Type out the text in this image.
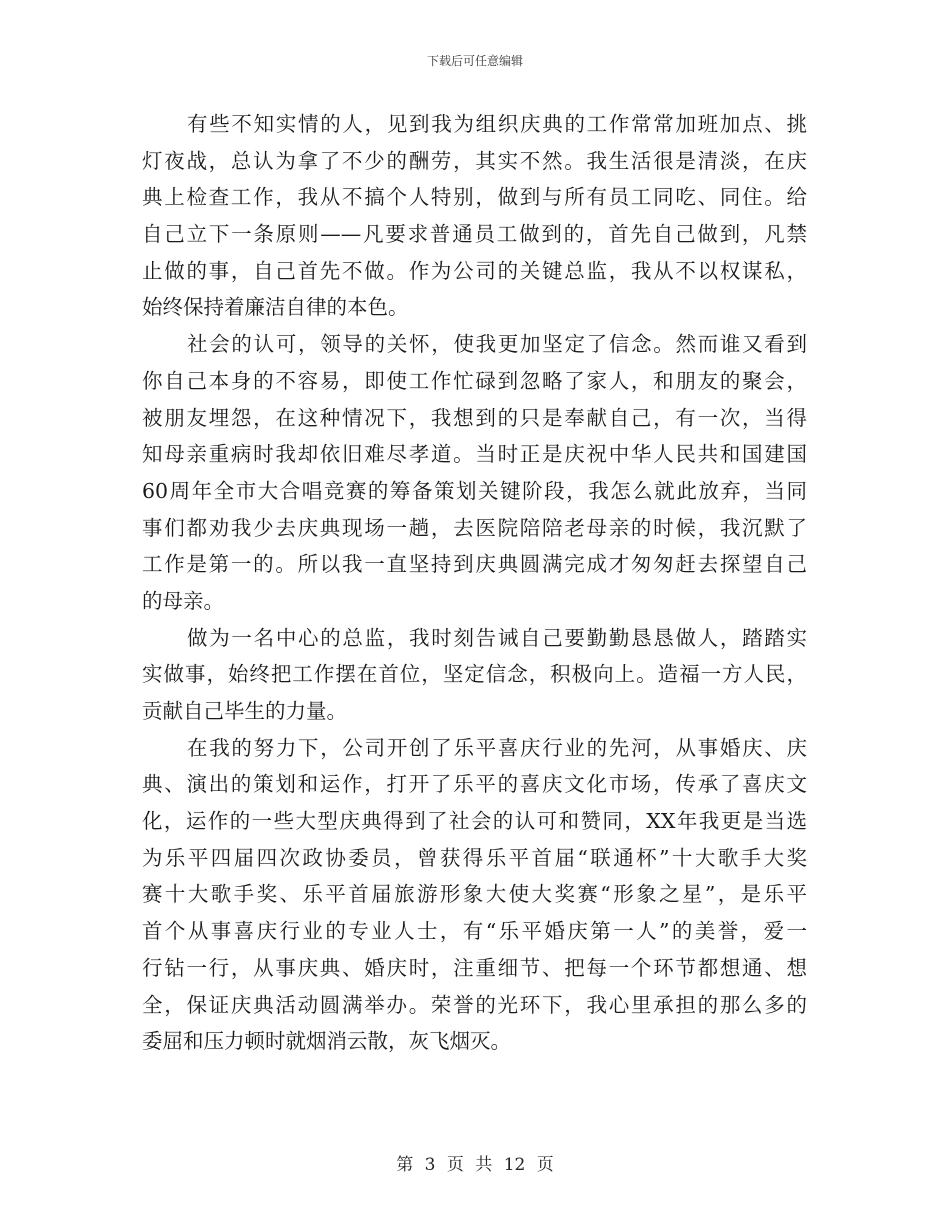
下载后可任意编辑
有些不知实情的人，见到我为组织庆典的工作常常加班加点、挑
灯夜战，总认为拿了不少的酬劳，其实不然。我生活很是清淡，在庆
典上检查工作，我从不搞个人特别，做到与所有员工同吃、同住。给
自己立下一条原则——凡要求普通员工做到的，首先自己做到，凡禁
止做的事，自己首先不做。作为公司的关键总监，我从不以权谋私，
始终保持着廉洁自律的本色。
社会的认可，领导的关怀，使我更加坚定了信念。然而谁又看到
你自己本身的不容易，即使工作忙碌到忽略了家人，和朋友的聚会，
被朋友埋怨，在这种情况下，我想到的只是奉献自己，有一次，当得
知母亲重病时我却依旧难尽孝道。当时正是庆祝中华人民共和国建国
60周年全市大合唱竞赛的筹备策划关键阶段，我怎么就此放弃，当同
事们都劝我少去庆典现场一趟，去医院陪陪老母亲的时候，我沉默了
工作是第一的。所以我一直坚持到庆典圆满完成才匆匆赶去探望自己
的母亲。
做为一名中心的总监，我时刻告诫自己要勤勤恳恳做人，踏踏实
实做事，始终把工作摆在首位，坚定信念，积极向上。造福一方人民，
贡献自己毕生的力量。
在我的努力下，公司开创了乐平喜庆行业的先河，从事婚庆、庆
典、演出的策划和运作，打开了乐平的喜庆文化市场，传承了喜庆文
化，运作的一些大型庆典得到了社会的认可和赞同，XX年我更是当选
为乐平四届四次政协委员，曾获得乐平首届“联通杯”十大歌手大奖
赛十大歌手奖、乐平首届旅游形象大使大奖赛“形象之星”，是乐平
首个从事喜庆行业的专业人士，有“乐平婚庆第一人”的美誉，爱一
行钻一行，从事庆典、婚庆时，注重细节、把每一个环节都想通、想
全，保证庆典活动圆满举办。荣誉的光环下，我心里承担的那么多的
委屈和压力顿时就烟消云散，灰飞烟灭。
第 3 页 共 12 页
